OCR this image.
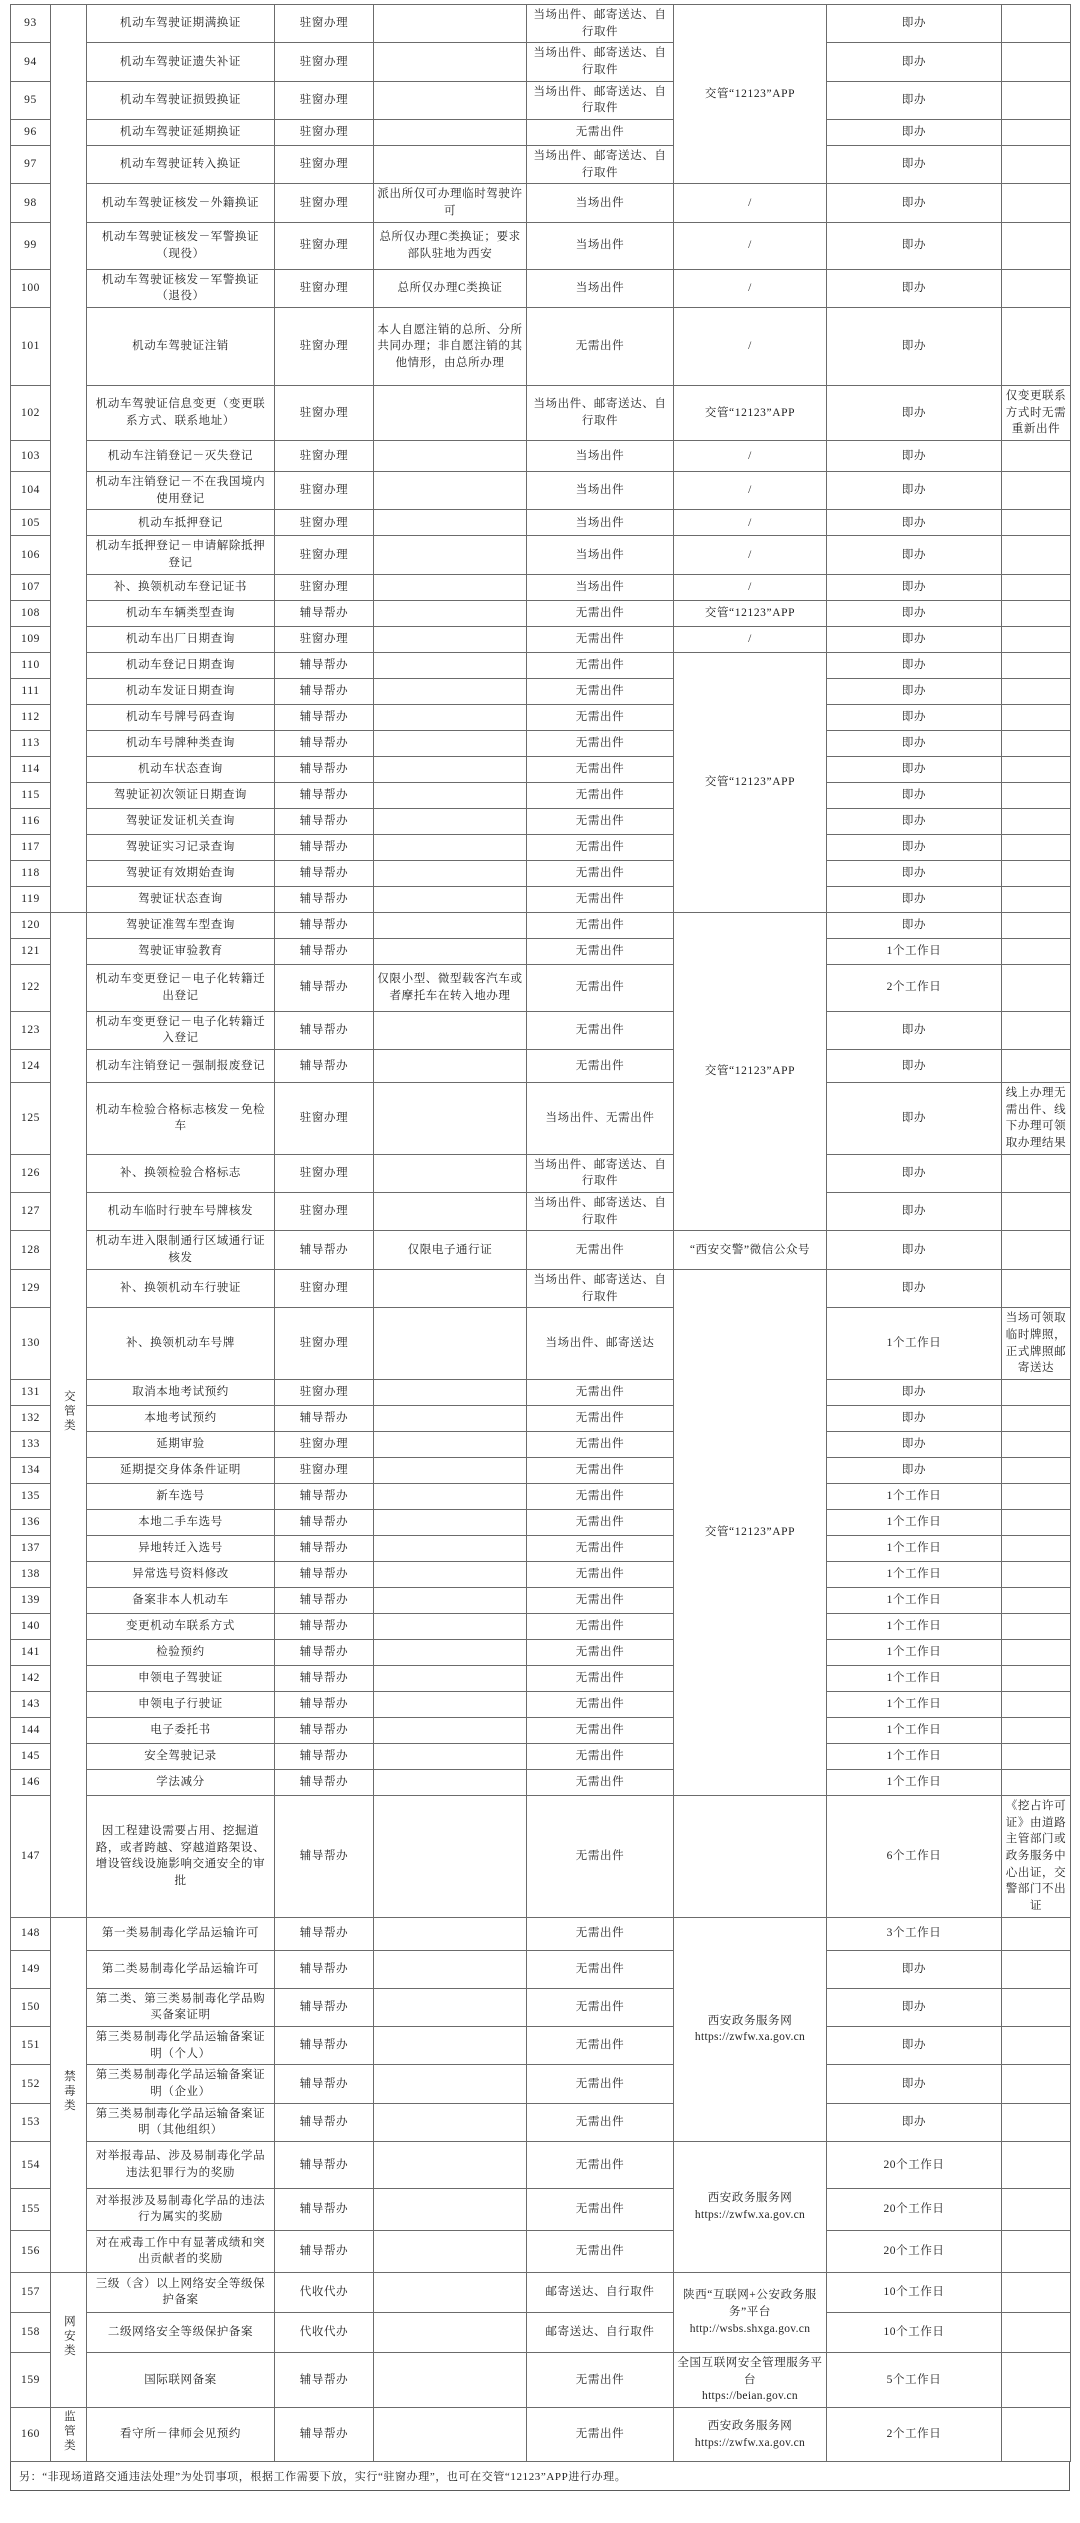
93		机动车驾驶证期满换证	驻窗办理		当场出件、邮寄送达、自行取件	交管“12123”APP	即办	
94		机动车驾驶证遗失补证	驻窗办理		当场出件、邮寄送达、自行取件		即办	
95		机动车驾驶证损毁换证	驻窗办理		当场出件、邮寄送达、自行取件		即办	
96		机动车驾驶证延期换证	驻窗办理		无需出件		即办	
97		机动车驾驶证转入换证	驻窗办理		当场出件、邮寄送达、自行取件		即办	
98		机动车驾驶证核发－外籍换证	驻窗办理	派出所仅可办理临时驾驶许可	当场出件	/	即办	
99		机动车驾驶证核发－军警换证（现役）	驻窗办理	总所仅办理C类换证；要求部队驻地为西安	当场出件	/	即办	
100		机动车驾驶证核发－军警换证（退役）	驻窗办理	总所仅办理C类换证	当场出件	/	即办	
101		机动车驾驶证注销	驻窗办理	本人自愿注销的总所、分所共同办理；非自愿注销的其他情形，由总所办理	无需出件	/	即办	
102		机动车驾驶证信息变更（变更联系方式、联系地址）	驻窗办理		当场出件、邮寄送达、自行取件	交管“12123”APP	即办	仅变更联系方式时无需重新出件
103		机动车注销登记－灭失登记	驻窗办理		当场出件	/	即办	
104		机动车注销登记－不在我国境内使用登记	驻窗办理		当场出件	/	即办	
105		机动车抵押登记	驻窗办理		当场出件	/	即办	
106		机动车抵押登记－申请解除抵押登记	驻窗办理		当场出件	/	即办	
107		补、换领机动车登记证书	驻窗办理		当场出件	/	即办	
108		机动车车辆类型查询	辅导帮办		无需出件	交管“12123”APP	即办	
109		机动车出厂日期查询	驻窗办理		无需出件	/	即办	
110		机动车登记日期查询	辅导帮办		无需出件	交管“12123”APP	即办	
111		机动车发证日期查询	辅导帮办		无需出件		即办	
112		机动车号牌号码查询	辅导帮办		无需出件		即办	
113		机动车号牌种类查询	辅导帮办		无需出件		即办	
114		机动车状态查询	辅导帮办		无需出件		即办	
115		驾驶证初次领证日期查询	辅导帮办		无需出件		即办	
116		驾驶证发证机关查询	辅导帮办		无需出件		即办	
117		驾驶证实习记录查询	辅导帮办		无需出件		即办	
118		驾驶证有效期始查询	辅导帮办		无需出件		即办	
119		驾驶证状态查询	辅导帮办		无需出件		即办	
120	交管类	驾驶证准驾车型查询	辅导帮办		无需出件	交管“12123”APP	即办	
121		驾驶证审验教育	辅导帮办		无需出件		1个工作日	
122		机动车变更登记－电子化转籍迁出登记	辅导帮办	仅限小型、微型载客汽车或者摩托车在转入地办理	无需出件		2个工作日	
123		机动车变更登记－电子化转籍迁入登记	辅导帮办		无需出件		即办	
124		机动车注销登记－强制报废登记	辅导帮办		无需出件		即办	
125		机动车检验合格标志核发－免检车	驻窗办理		当场出件、无需出件		即办	线上办理无需出件、线下办理可领取办理结果
126		补、换领检验合格标志	驻窗办理		当场出件、邮寄送达、自行取件		即办	
127		机动车临时行驶车号牌核发	驻窗办理		当场出件、邮寄送达、自行取件		即办	
128		机动车进入限制通行区域通行证核发	辅导帮办	仅限电子通行证	无需出件	“西安交警”微信公众号	即办	
129		补、换领机动车行驶证	驻窗办理		当场出件、邮寄送达、自行取件	交管“12123”APP	即办	
130		补、换领机动车号牌	驻窗办理		当场出件、邮寄送达		1个工作日	当场可领取临时牌照，正式牌照邮寄送达
131		取消本地考试预约	驻窗办理		无需出件		即办	
132		本地考试预约	辅导帮办		无需出件		即办	
133		延期审验	驻窗办理		无需出件		即办	
134		延期提交身体条件证明	驻窗办理		无需出件		即办	
135		新车选号	辅导帮办		无需出件		1个工作日	
136		本地二手车选号	辅导帮办		无需出件		1个工作日	
137		异地转迁入选号	辅导帮办		无需出件		1个工作日	
138		异常选号资料修改	辅导帮办		无需出件		1个工作日	
139		备案非本人机动车	辅导帮办		无需出件		1个工作日	
140		变更机动车联系方式	辅导帮办		无需出件		1个工作日	
141		检验预约	辅导帮办		无需出件		1个工作日	
142		申领电子驾驶证	辅导帮办		无需出件		1个工作日	
143		申领电子行驶证	辅导帮办		无需出件		1个工作日	
144		电子委托书	辅导帮办		无需出件		1个工作日	
145		安全驾驶记录	辅导帮办		无需出件		1个工作日	
146		学法减分	辅导帮办		无需出件		1个工作日	
147		因工程建设需要占用、挖掘道路，或者跨越、穿越道路架设、增设管线设施影响交通安全的审批	辅导帮办		无需出件		6个工作日	《挖占许可证》由道路主管部门或政务服务中心出证，交警部门不出证
148	禁毒类	第一类易制毒化学品运输许可	辅导帮办		无需出件	西安政务服务网
https://zwfw.xa.gov.cn	3个工作日	
149		第二类易制毒化学品运输许可	辅导帮办		无需出件		即办	
150		第二类、第三类易制毒化学品购买备案证明	辅导帮办		无需出件		即办	
151		第三类易制毒化学品运输备案证明（个人）	辅导帮办		无需出件		即办	
152		第三类易制毒化学品运输备案证明（企业）	辅导帮办		无需出件		即办	
153		第三类易制毒化学品运输备案证明（其他组织）	辅导帮办		无需出件		即办	
154		对举报毒品、涉及易制毒化学品违法犯罪行为的奖励	辅导帮办		无需出件	西安政务服务网
https://zwfw.xa.gov.cn	20个工作日	
155		对举报涉及易制毒化学品的违法行为属实的奖励	辅导帮办		无需出件		20个工作日	
156		对在戒毒工作中有显著成绩和突出贡献者的奖励	辅导帮办		无需出件		20个工作日	
157	网安类	三级（含）以上网络安全等级保护备案	代收代办		邮寄送达、自行取件	陕西“互联网+公安政务服务”平台
http://wsbs.shxga.gov.cn	10个工作日	
158		二级网络安全等级保护备案	代收代办		邮寄送达、自行取件		10个工作日	
159		国际联网备案	辅导帮办		无需出件	全国互联网安全管理服务平台
https://beian.gov.cn	5个工作日	
160	监管类	看守所－律师会见预约	辅导帮办		无需出件	西安政务服务网
https://zwfw.xa.gov.cn	2个工作日	
另：“非现场道路交通违法处理”为处罚事项，根据工作需要下放，实行“驻窗办理”，也可在交管“12123”APP进行办理。
